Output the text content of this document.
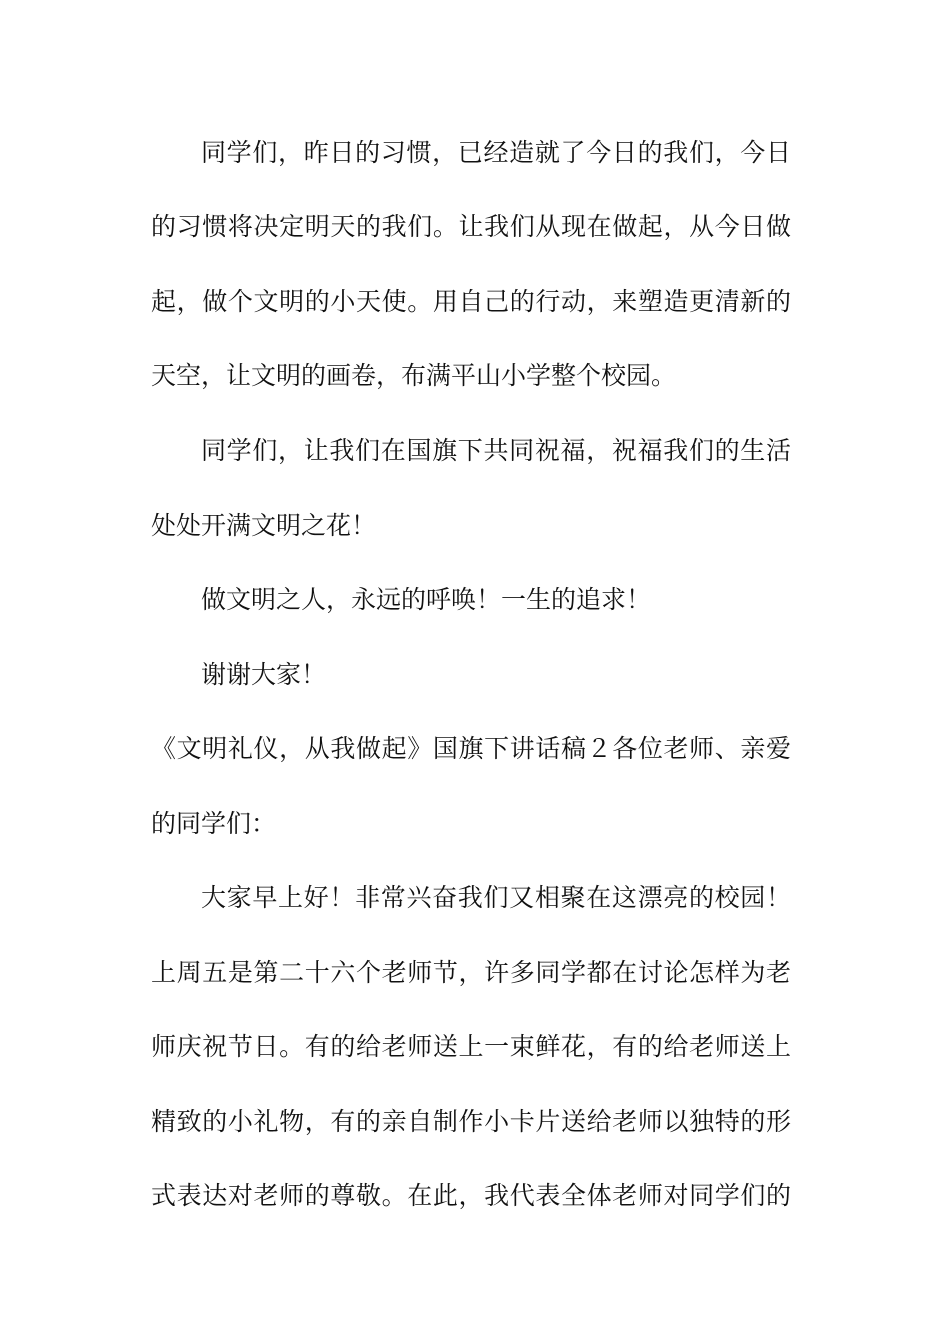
同学们，昨日的习惯，已经造就了今日的我们，今日
的习惯将决定明天的我们。让我们从现在做起，从今日做
起，做个文明的小天使。用自己的行动，来塑造更清新的
天空，让文明的画卷，布满平山小学整个校园。
同学们，让我们在国旗下共同祝福，祝福我们的生活
处处开满文明之花！
做文明之人，永远的呼唤！一生的追求！
谢谢大家！
《文明礼仪，从我做起》国旗下讲话稿２各位老师、亲爱
的同学们：
大家早上好！非常兴奋我们又相聚在这漂亮的校园！
上周五是第二十六个老师节，许多同学都在讨论怎样为老
师庆祝节日。有的给老师送上一束鲜花，有的给老师送上
精致的小礼物，有的亲自制作小卡片送给老师以独特的形
式表达对老师的尊敬。在此，我代表全体老师对同学们的
